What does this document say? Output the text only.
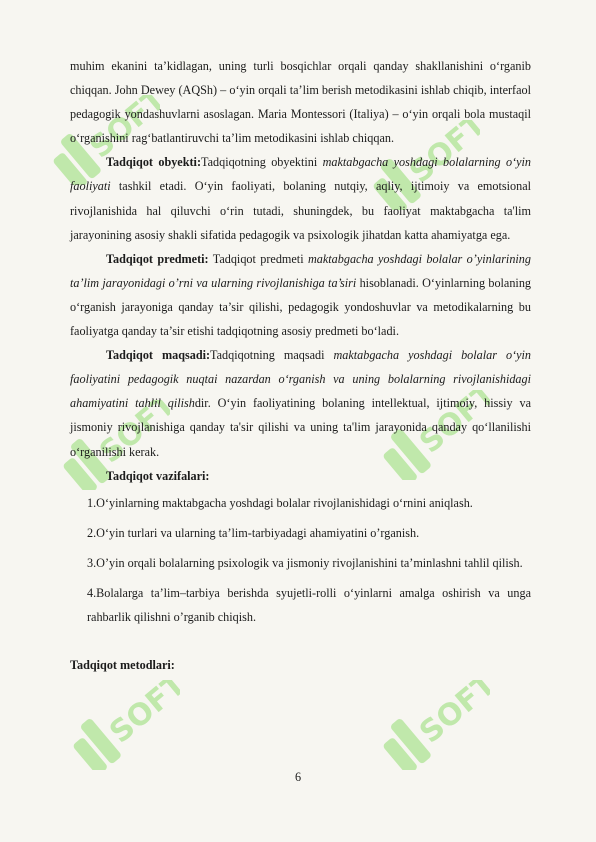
SOFT	SOFT
SOFT	SOFT
SOFT	SOFT

muhim ekanini ta’kidlagan, uning turli bosqichlar orqali qanday shakllanishini o‘rganib chiqqan. John Dewey (AQSh) – o‘yin orqali ta’lim berish metodikasini ishlab chiqib, interfaol pedagogik yondashuvlarni asoslagan. Maria Montessori (Italiya) – o‘yin orqali bola mustaqil o‘rganishini rag‘batlantiruvchi ta’lim metodikasini ishlab chiqqan.

Tadqiqot obyekti:Tadqiqotning obyektini maktabgacha yoshdagi bolalarning o‘yin faoliyati tashkil etadi. O‘yin faoliyati, bolaning nutqiy, aqliy, ijtimoiy va emotsional rivojlanishida hal qiluvchi o‘rin tutadi, shuningdek, bu faoliyat maktabgacha ta'lim jarayonining asosiy shakli sifatida pedagogik va psixologik jihatdan katta ahamiyatga ega.

Tadqiqot predmeti: Tadqiqot predmeti maktabgacha yoshdagi bolalar o’yinlarining ta’lim jarayonidagi o’rni va ularning rivojlanishiga ta’siri hisoblanadi. O‘yinlarning bolaning o‘rganish jarayoniga qanday ta’sir qilishi, pedagogik yondoshuvlar va metodikalarning bu faoliyatga qanday ta’sir etishi tadqiqotning asosiy predmeti bo‘ladi.

Tadqiqot maqsadi:Tadqiqotning maqsadi maktabgacha yoshdagi bolalar o‘yin faoliyatini pedagogik nuqtai nazardan o‘rganish va uning bolalarning rivojlanishidagi ahamiyatini tahlil qilishdir. O‘yin faoliyatining bolaning intellektual, ijtimoiy, hissiy va jismoniy rivojlanishiga qanday ta'sir qilishi va uning ta'lim jarayonida qanday qo‘llanilishi o‘rganilishi kerak.

Tadqiqot vazifalari:

1.O‘yinlarning maktabgacha yoshdagi bolalar rivojlanishidagi o‘rnini aniqlash.

2.O‘yin turlari va ularning ta’lim-tarbiyadagi ahamiyatini o’rganish.

3.O’yin orqali bolalarning psixologik va jismoniy rivojlanishini ta’minlashni tahlil qilish.

4.Bolalarga ta’lim–tarbiya berishda syujetli-rolli o‘yinlarni amalga oshirish va unga rahbarlik qilishni o’rganib chiqish.

Tadqiqot metodlari:

6
